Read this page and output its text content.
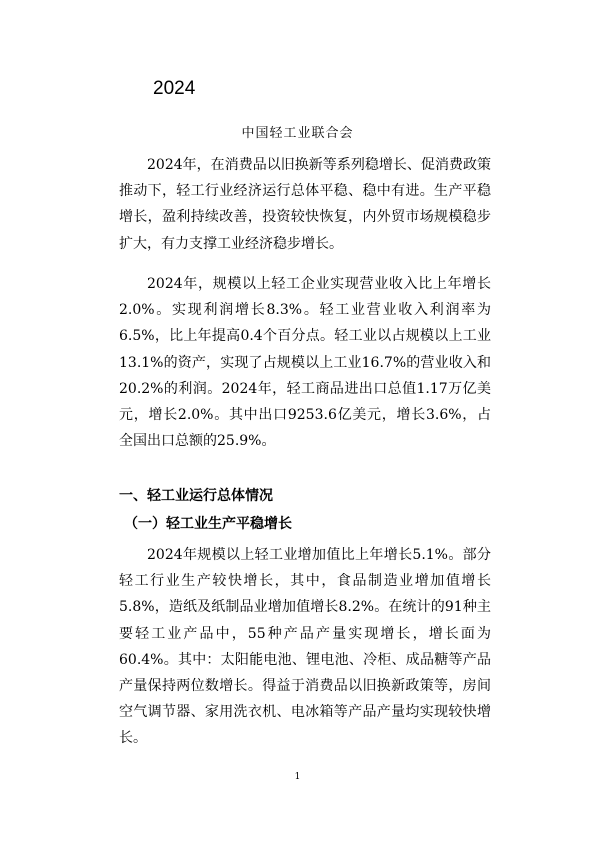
2024
中国轻工业联合会

2024年，在消费品以旧换新等系列稳增长、促消费政策推动下，轻工行业经济运行总体平稳、稳中有进。生产平稳增长，盈利持续改善，投资较快恢复，内外贸市场规模稳步扩大，有力支撑工业经济稳步增长。

2024年，规模以上轻工企业实现营业收入比上年增长2.0%。实现利润增长8.3%。轻工业营业收入利润率为6.5%，比上年提高0.4个百分点。轻工业以占规模以上工业13.1%的资产，实现了占规模以上工业16.7%的营业收入和20.2%的利润。2024年，轻工商品进出口总值1.17万亿美元，增长2.0%。其中出口9253.6亿美元，增长3.6%，占全国出口总额的25.9%。

一、轻工业运行总体情况
（一）轻工业生产平稳增长

2024年规模以上轻工业增加值比上年增长5.1%。部分轻工行业生产较快增长，其中，食品制造业增加值增长5.8%，造纸及纸制品业增加值增长8.2%。在统计的91种主要轻工业产品中，55种产品产量实现增长，增长面为60.4%。其中：太阳能电池、锂电池、冷柜、成品糖等产品产量保持两位数增长。得益于消费品以旧换新政策等，房间空气调节器、家用洗衣机、电冰箱等产品产量均实现较快增长。

1
